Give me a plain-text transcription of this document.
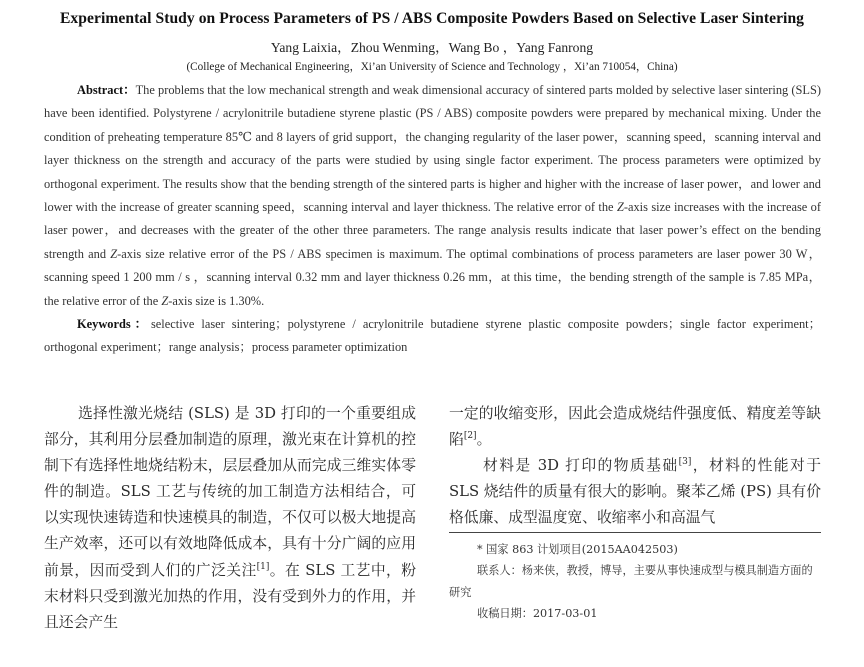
Experimental Study on Process Parameters of PS / ABS Composite Powders Based on Selective Laser Sintering
Yang Laixia，Zhou Wenming，Wang Bo ，Yang Fanrong
(College of Mechanical Engineering，Xi’an University of Science and Technology ，Xi’an 710054，China)

Abstract：The problems that the low mechanical strength and weak dimensional accuracy of sintered parts molded by selective laser sintering (SLS) have been identified. Polystyrene / acrylonitrile butadiene styrene plastic (PS / ABS) composite powders were prepared by mechanical mixing. Under the condition of preheating temperature 85℃ and 8 layers of grid support，the changing regularity of the laser power，scanning speed，scanning interval and layer thickness on the strength and accuracy of the parts were studied by using single factor experiment. The process parameters were optimized by orthogonal experiment. The results show that the bending strength of the sintered parts is higher and higher with the increase of laser power，and lower and lower with the increase of greater scanning speed，scanning interval and layer thickness. The relative error of the Z-axis size increases with the increase of laser power，and decreases with the greater of the other three parameters. The range analysis results indicate that laser power’s effect on the bending strength and Z-axis size relative error of the PS / ABS specimen is maximum. The optimal combinations of process parameters are laser power 30 W，scanning speed 1 200 mm / s ，scanning interval 0.32 mm and layer thickness 0.26 mm，at this time，the bending strength of the sample is 7.85 MPa，the relative error of the Z-axis size is 1.30%.

Keywords：selective laser sintering；polystyrene / acrylonitrile butadiene styrene plastic composite powders；single factor experiment；orthogonal experiment；range analysis；process parameter optimization

选择性激光烧结 (SLS) 是 3D 打印的一个重要组成部分，其利用分层叠加制造的原理，激光束在计算机的控制下有选择性地烧结粉末，层层叠加从而完成三维实体零件的制造。SLS 工艺与传统的加工制造方法相结合，可以实现快速铸造和快速模具的制造，不仅可以极大地提高生产效率，还可以有效地降低成本，具有十分广阔的应用前景，因而受到人们的广泛关注[1]。在 SLS 工艺中，粉末材料只受到激光加热的作用，没有受到外力的作用，并且还会产生

一定的收缩变形，因此会造成烧结件强度低、精度差等缺陷[2]。

材料是 3D 打印的物质基础[3]，材料的性能对于 SLS 烧结件的质量有很大的影响。聚苯乙烯 (PS) 具有价格低廉、成型温度宽、收缩率小和高温气

* 国家 863 计划项目(2015AA042503)

联系人：杨来侠，教授，博导，主要从事快速成型与模具制造方面的研究

收稿日期：2017-03-01
